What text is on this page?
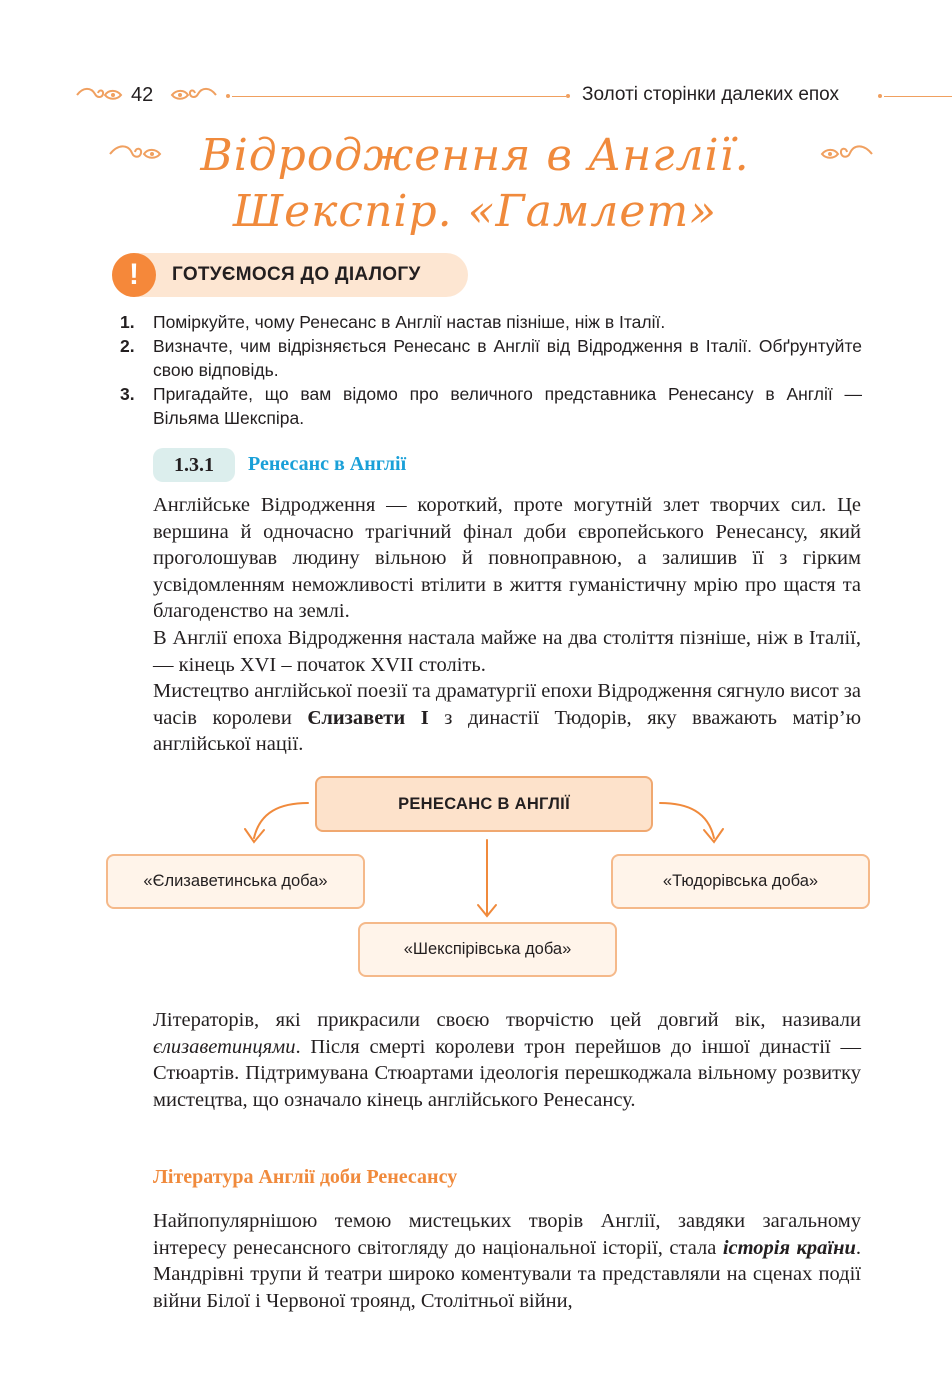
42	Золоті сторінки далеких епох
Відродження в Англії.
Шекспір. «Гамлет»
!	ГОТУЄМОСЯ ДО ДІАЛОГУ
1. Поміркуйте, чому Ренесанс в Англії настав пізніше, ніж в Італії.
2. Визначте, чим відрізняється Ренесанс в Англії від Відродження в Італії. Обґрунтуйте свою відповідь.
3. Пригадайте, що вам відомо про величного представника Ренесансу в Англії — Вільяма Шекспіра.
1.3.1	Ренесанс в Англії
Англійське Відродження — короткий, проте могутній злет творчих сил. Це вершина й одночасно трагічний фінал доби європейського Ренесансу, який проголошував людину вільною й повноправною, а залишив її з гірким усвідомленням неможливості втілити в життя гуманістичну мрію про щастя та благоденство на землі.
В Англії епоха Відродження настала майже на два століття пізніше, ніж в Італії, — кінець XVI – початок XVII століть.
Мистецтво англійської поезії та драматургії епохи Відродження сягнуло висот за часів королеви Єлизавети I з династії Тюдорів, яку вважають матір’ю англійської нації.
РЕНЕСАНС В АНГЛІЇ
«Єлизаветинська доба»	«Тюдорівська доба»
«Шекспірівська доба»
Літераторів, які прикрасили своєю творчістю цей довгий вік, називали єлизаветинцями. Після смерті королеви трон перейшов до іншої династії — Стюартів. Підтримувана Стюартами ідеологія перешкоджала вільному розвитку мистецтва, що означало кінець англійського Ренесансу.
Література Англії доби Ренесансу
Найпопулярнішою темою мистецьких творів Англії, завдяки загальному інтересу ренесансного світогляду до національної історії, стала історія країни. Мандрівні трупи й театри широко коментували та представляли на сценах події війни Білої і Червоної троянд, Столітньої війни,
